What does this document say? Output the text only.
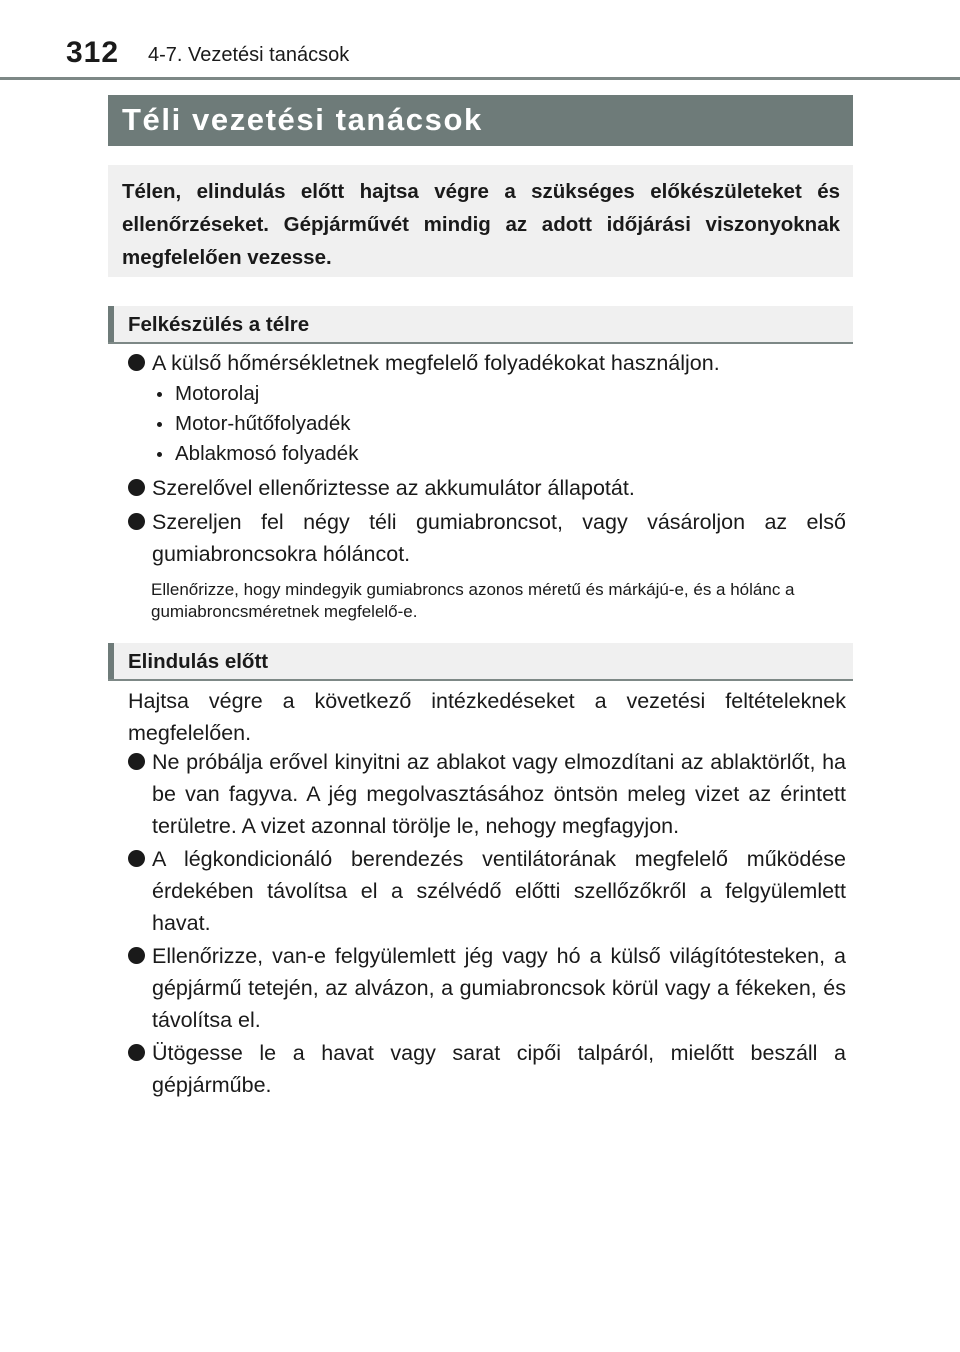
312 4-7. Vezetési tanácsok
Téli vezetési tanácsok
Télen, elindulás előtt hajtsa végre a szükséges előkészületeket és ellenőrzéseket. Gépjárművét mindig az adott időjárási viszonyoknak megfelelően vezesse.
Felkészülés a télre
A külső hőmérsékletnek megfelelő folyadékokat használjon.
Motorolaj
Motor-hűtőfolyadék
Ablakmosó folyadék
Szerelővel ellenőriztesse az akkumulátor állapotát.
Szereljen fel négy téli gumiabroncsot, vagy vásároljon az első gumiabroncsokra hóláncot.
Ellenőrizze, hogy mindegyik gumiabroncs azonos méretű és márkájú-e, és a hólánc a gumiabroncsméretnek megfelelő-e.
Elindulás előtt
Hajtsa végre a következő intézkedéseket a vezetési feltételeknek megfelelően.
Ne próbálja erővel kinyitni az ablakot vagy elmozdítani az ablaktörlőt, ha be van fagyva. A jég megolvasztásához öntsön meleg vizet az érintett területre. A vizet azonnal törölje le, nehogy megfagyjon.
A légkondicionáló berendezés ventilátorának megfelelő működése érdekében távolítsa el a szélvédő előtti szellőzőkről a felgyülemlett havat.
Ellenőrizze, van-e felgyülemlett jég vagy hó a külső világítótesteken, a gépjármű tetején, az alvázon, a gumiabroncsok körül vagy a fékeken, és távolítsa el.
Ütögesse le a havat vagy sarat cipői talpáról, mielőtt beszáll a gépjárműbe.
